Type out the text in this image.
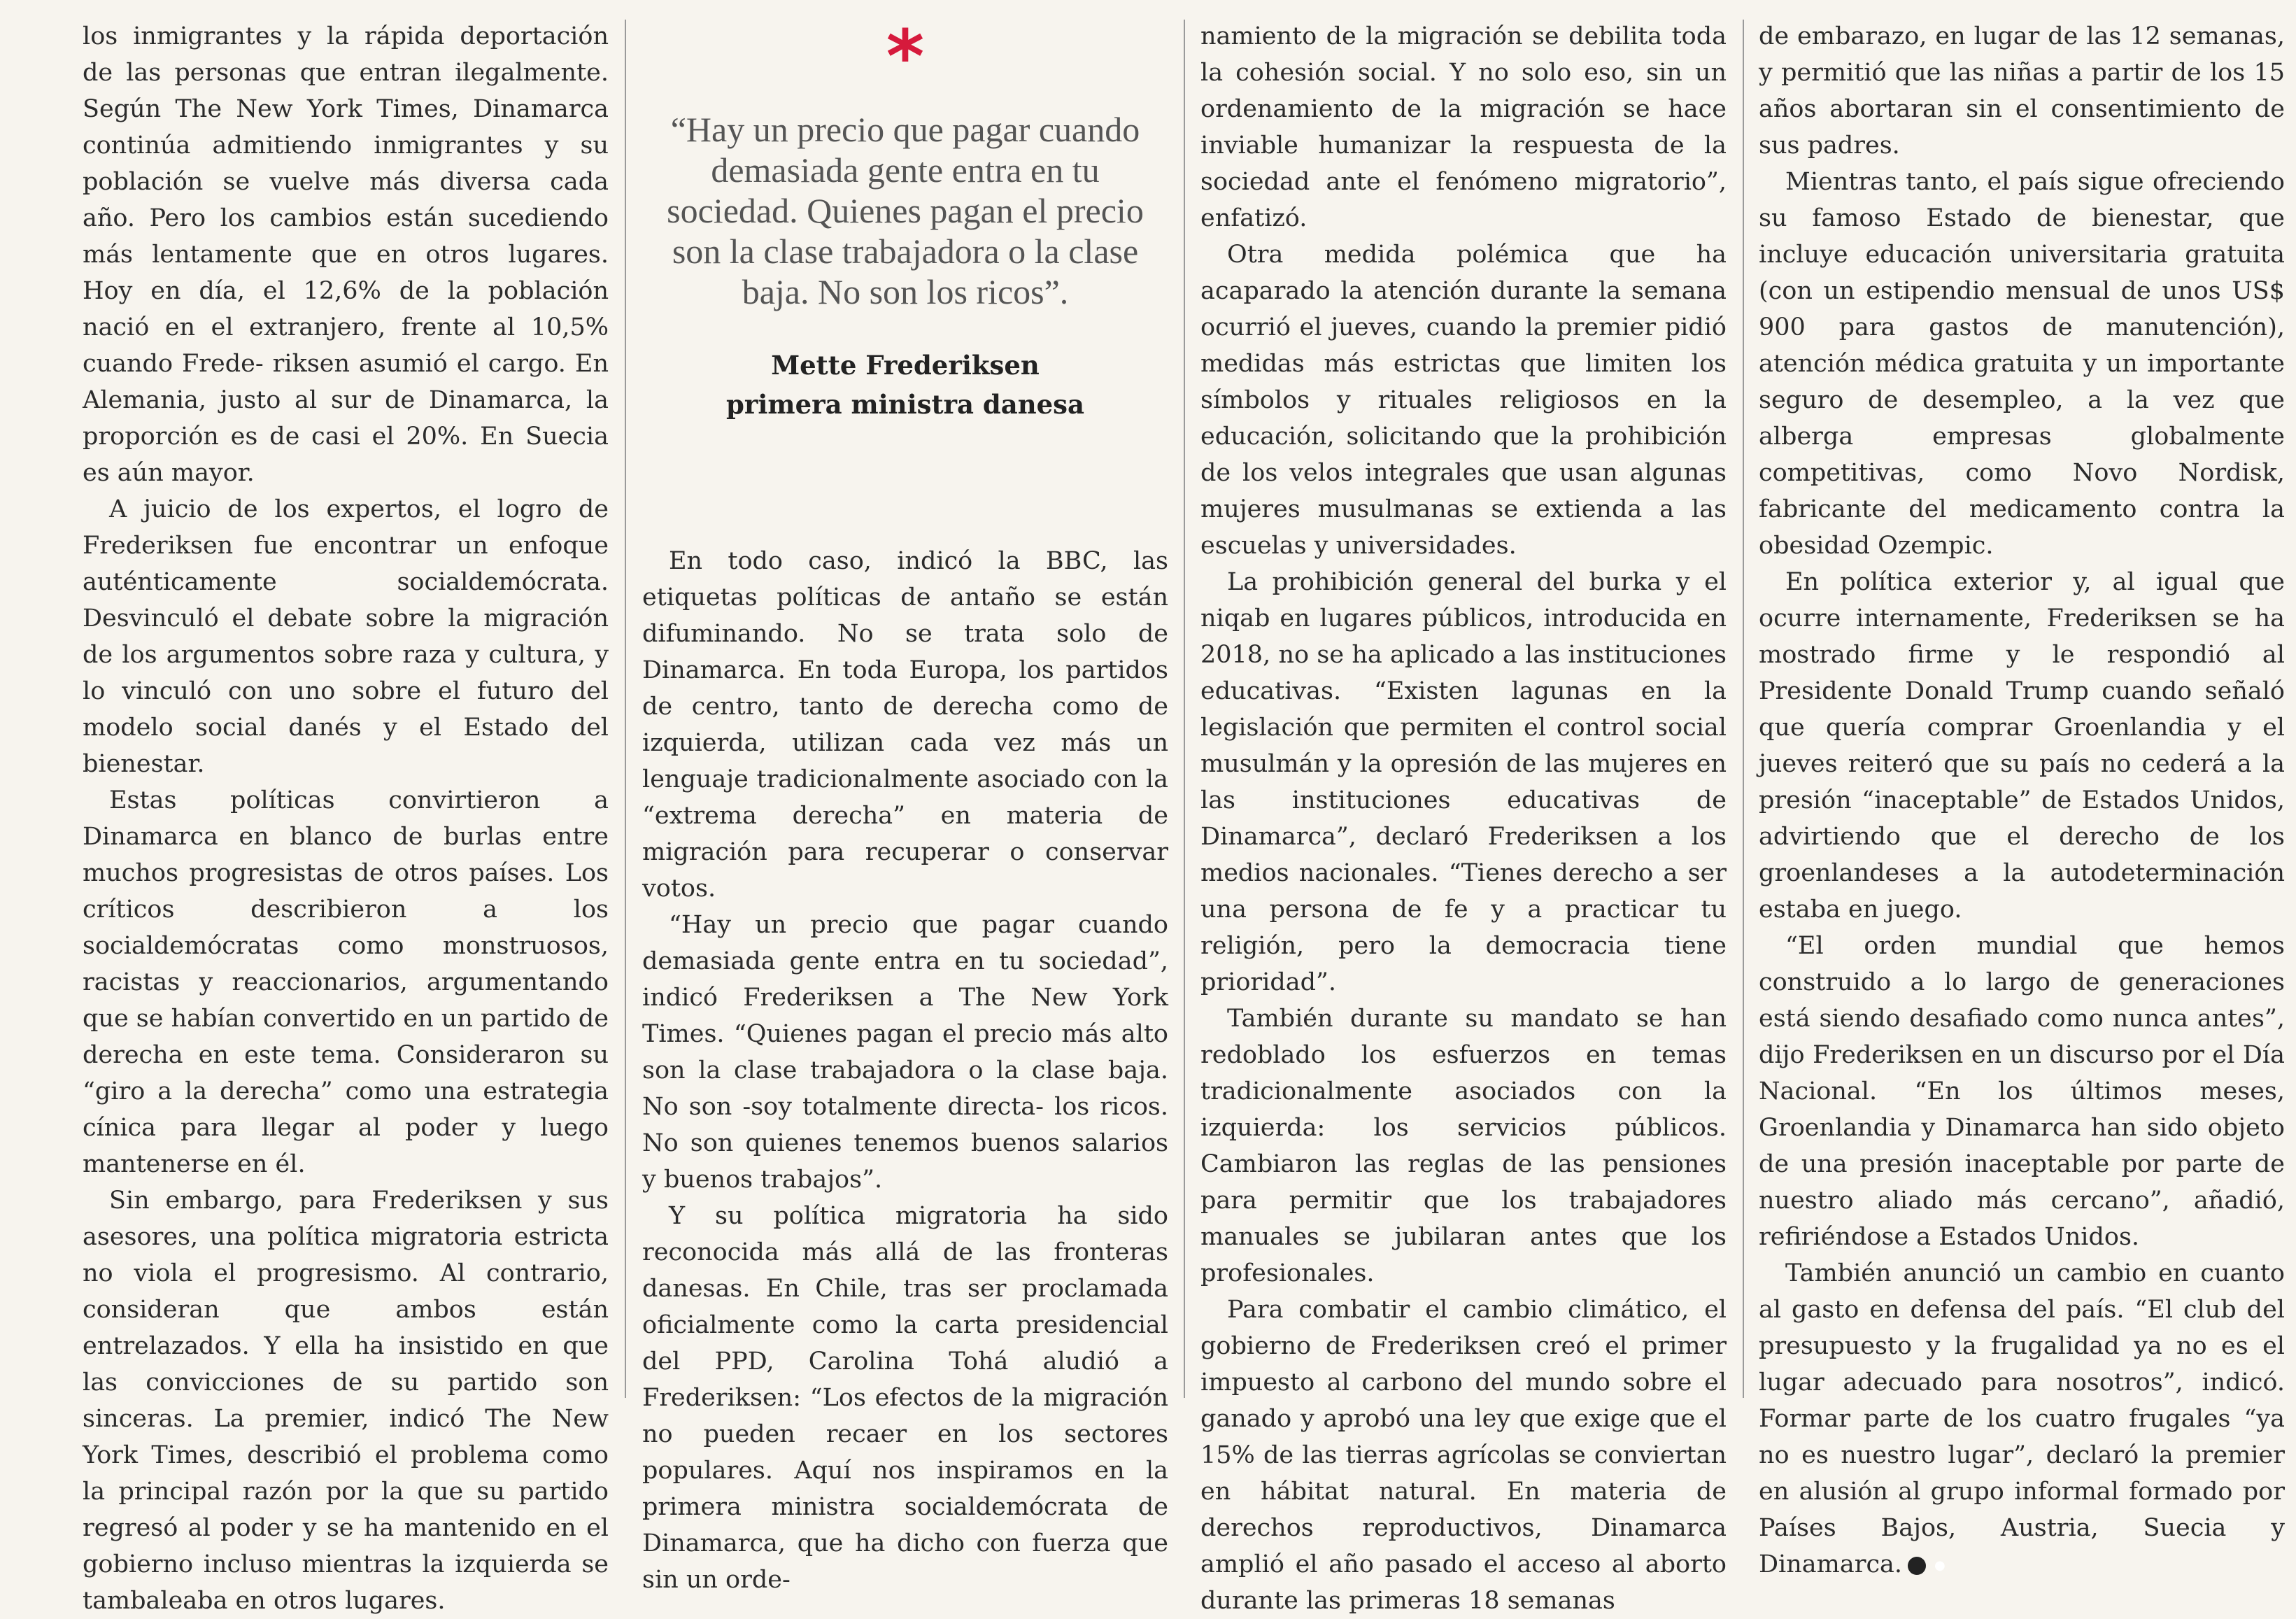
los inmigrantes y la rápida deportación de las personas que entran ilegalmente. Según The New York Times, Dinamarca continúa admitiendo inmigrantes y su población se vuelve más diversa cada año. Pero los cambios están sucediendo más lentamente que en otros lugares. Hoy en día, el 12,6% de la población nació en el extranjero, frente al 10,5% cuando Frede- riksen asumió el cargo. En Alemania, justo al sur de Dinamarca, la proporción es de casi el 20%. En Suecia es aún mayor.

A juicio de los expertos, el logro de Frederiksen fue encontrar un enfoque auténticamente socialdemócrata. Desvinculó el debate sobre la migración de los argumentos sobre raza y cultura, y lo vinculó con uno sobre el futuro del modelo social danés y el Estado del bienestar.

Estas políticas convirtieron a Dinamarca en blanco de burlas entre muchos progresistas de otros países. Los críticos describieron a los socialdemócratas como monstruosos, racistas y reaccionarios, argumentando que se habían convertido en un partido de derecha en este tema. Consideraron su “giro a la derecha” como una estrategia cínica para llegar al poder y luego mantenerse en él.

Sin embargo, para Frederiksen y sus asesores, una política migratoria estricta no viola el progresismo. Al contrario, consideran que ambos están entrelazados. Y ella ha insistido en que las convicciones de su partido son sinceras. La premier, indicó The New York Times, describió el problema como la principal razón por la que su partido regresó al poder y se ha mantenido en el gobierno incluso mientras la izquierda se tambaleaba en otros lugares.

*
“Hay un precio que pagar cuando demasiada gente entra en tu sociedad. Quienes pagan el precio son la clase trabajadora o la clase baja. No son los ricos”.
Mette Frederiksen
primera ministra danesa

En todo caso, indicó la BBC, las etiquetas políticas de antaño se están difuminando. No se trata solo de Dinamarca. En toda Europa, los partidos de centro, tanto de derecha como de izquierda, utilizan cada vez más un lenguaje tradicionalmente asociado con la “extrema derecha” en materia de migración para recuperar o conservar votos.

“Hay un precio que pagar cuando demasiada gente entra en tu sociedad”, indicó Frederiksen a The New York Times. “Quienes pagan el precio más alto son la clase trabajadora o la clase baja. No son -soy totalmente directa- los ricos. No son quienes tenemos buenos salarios y buenos trabajos”.

Y su política migratoria ha sido reconocida más allá de las fronteras danesas. En Chile, tras ser proclamada oficialmente como la carta presidencial del PPD, Carolina Tohá aludió a Frederiksen: “Los efectos de la migración no pueden recaer en los sectores populares. Aquí nos inspiramos en la primera ministra socialdemócrata de Dinamarca, que ha dicho con fuerza que sin un orde-

namiento de la migración se debilita toda la cohesión social. Y no solo eso, sin un ordenamiento de la migración se hace inviable humanizar la respuesta de la sociedad ante el fenómeno migratorio”, enfatizó.

Otra medida polémica que ha acaparado la atención durante la semana ocurrió el jueves, cuando la premier pidió medidas más estrictas que limiten los símbolos y rituales religiosos en la educación, solicitando que la prohibición de los velos integrales que usan algunas mujeres musulmanas se extienda a las escuelas y universidades.

La prohibición general del burka y el niqab en lugares públicos, introducida en 2018, no se ha aplicado a las instituciones educativas. “Existen lagunas en la legislación que permiten el control social musulmán y la opresión de las mujeres en las instituciones educativas de Dinamarca”, declaró Frederiksen a los medios nacionales. “Tienes derecho a ser una persona de fe y a practicar tu religión, pero la democracia tiene prioridad”.

También durante su mandato se han redoblado los esfuerzos en temas tradicionalmente asociados con la izquierda: los servicios públicos. Cambiaron las reglas de las pensiones para permitir que los trabajadores manuales se jubilaran antes que los profesionales.

Para combatir el cambio climático, el gobierno de Frederiksen creó el primer impuesto al carbono del mundo sobre el ganado y aprobó una ley que exige que el 15% de las tierras agrícolas se conviertan en hábitat natural. En materia de derechos reproductivos, Dinamarca amplió el año pasado el acceso al aborto durante las primeras 18 semanas

de embarazo, en lugar de las 12 semanas, y permitió que las niñas a partir de los 15 años abortaran sin el consentimiento de sus padres.

Mientras tanto, el país sigue ofreciendo su famoso Estado de bienestar, que incluye educación universitaria gratuita (con un estipendio mensual de unos US$ 900 para gastos de manutención), atención médica gratuita y un importante seguro de desempleo, a la vez que alberga empresas globalmente competitivas, como Novo Nordisk, fabricante del medicamento contra la obesidad Ozempic.

En política exterior y, al igual que ocurre internamente, Frederiksen se ha mostrado firme y le respondió al Presidente Donald Trump cuando señaló que quería comprar Groenlandia y el jueves reiteró que su país no cederá a la presión “inaceptable” de Estados Unidos, advirtiendo que el derecho de los groenlandeses a la autodeterminación estaba en juego.

“El orden mundial que hemos construido a lo largo de generaciones está siendo desafiado como nunca antes”, dijo Frederiksen en un discurso por el Día Nacional. “En los últimos meses, Groenlandia y Dinamarca han sido objeto de una presión inaceptable por parte de nuestro aliado más cercano”, añadió, refiriéndose a Estados Unidos.

También anunció un cambio en cuanto al gasto en defensa del país. “El club del presupuesto y la frugalidad ya no es el lugar adecuado para nosotros”, indicó. Formar parte de los cuatro frugales “ya no es nuestro lugar”, declaró la premier en alusión al grupo informal formado por Países Bajos, Austria, Suecia y Dinamarca.	●
